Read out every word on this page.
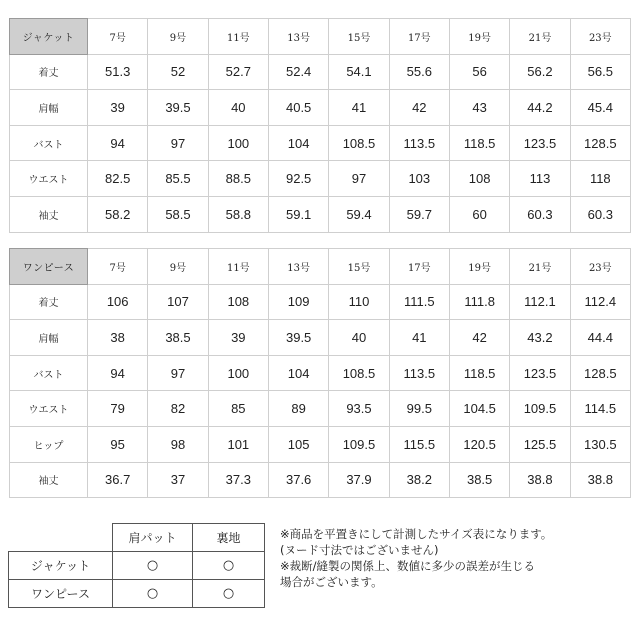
ジャケット	7号	9号	11号	13号	15号	17号	19号	21号	23号
着丈	51.3	52	52.7	52.4	54.1	55.6	56	56.2	56.5
肩幅	39	39.5	40	40.5	41	42	43	44.2	45.4
バスト	94	97	100	104	108.5	113.5	118.5	123.5	128.5
ウエスト	82.5	85.5	88.5	92.5	97	103	108	113	118
袖丈	58.2	58.5	58.8	59.1	59.4	59.7	60	60.3	60.3
ワンピース	7号	9号	11号	13号	15号	17号	19号	21号	23号
着丈	106	107	108	109	110	111.5	111.8	112.1	112.4
肩幅	38	38.5	39	39.5	40	41	42	43.2	44.4
バスト	94	97	100	104	108.5	113.5	118.5	123.5	128.5
ウエスト	79	82	85	89	93.5	99.5	104.5	109.5	114.5
ヒップ	95	98	101	105	109.5	115.5	120.5	125.5	130.5
袖丈	36.7	37	37.3	37.6	37.9	38.2	38.5	38.8	38.8
	肩パット	裏地
ジャケット	○	○
ワンピース	○	○
※商品を平置きにして計測したサイズ表になります。
(ヌード寸法ではございません)
※裁断/縫製の関係上、数値に多少の誤差が生じる
場合がございます。
